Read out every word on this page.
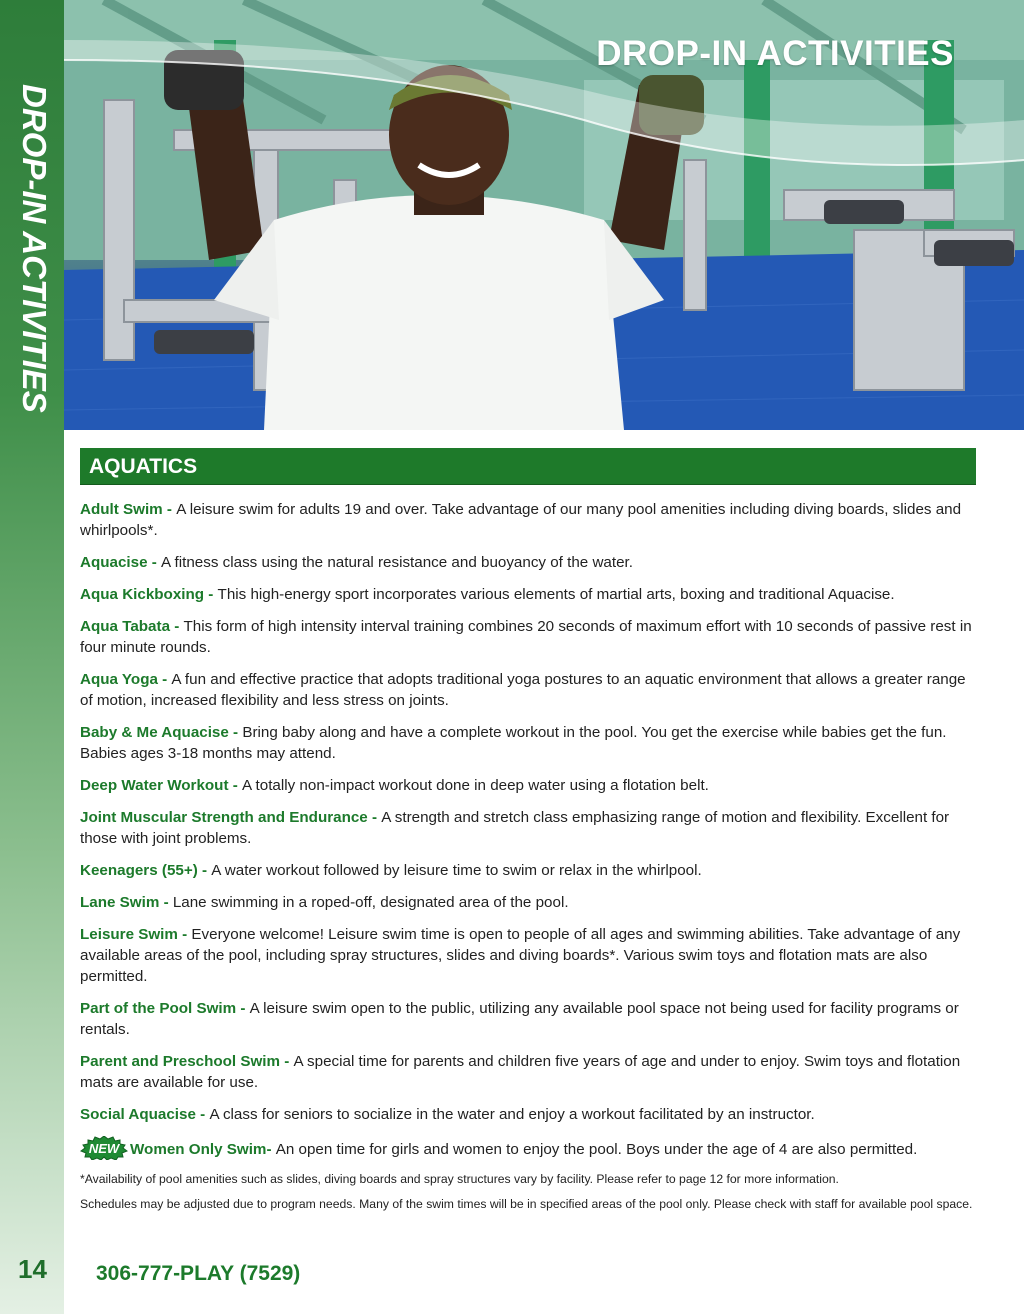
DROP-IN ACTIVITIES
14
DROP-IN ACTIVITIES
AQUATICS

Adult Swim - A leisure swim for adults 19 and over. Take advantage of our many pool amenities including diving boards, slides and whirlpools*.

Aquacise - A fitness class using the natural resistance and buoyancy of the water.

Aqua Kickboxing - This high-energy sport incorporates various elements of martial arts, boxing and traditional Aquacise.

Aqua Tabata - This form of high intensity interval training combines 20 seconds of maximum effort with 10 seconds of passive rest in four minute rounds.

Aqua Yoga - A fun and effective practice that adopts traditional yoga postures to an aquatic environment that allows a greater range of motion, increased flexibility and less stress on joints.

Baby & Me Aquacise - Bring baby along and have a complete workout in the pool. You get the exercise while babies get the fun. Babies ages 3-18 months may attend.

Deep Water Workout - A totally non-impact workout done in deep water using a flotation belt.

Joint Muscular Strength and Endurance - A strength and stretch class emphasizing range of motion and flexibility. Excellent for those with joint problems.

Keenagers (55+) - A water workout followed by leisure time to swim or relax in the whirlpool.

Lane Swim - Lane swimming in a roped-off, designated area of the pool.

Leisure Swim - Everyone welcome! Leisure swim time is open to people of all ages and swimming abilities. Take advantage of any available areas of the pool, including spray structures, slides and diving boards*. Various swim toys and flotation mats are also permitted.

Part of the Pool Swim - A leisure swim open to the public, utilizing any available pool space not being used for facility programs or rentals.

Parent and Preschool Swim - A special time for parents and children five years of age and under to enjoy. Swim toys and flotation mats are available for use.

Social Aquacise - A class for seniors to socialize in the water and enjoy a workout facilitated by an instructor.

NEW Women Only Swim- An open time for girls and women to enjoy the pool. Boys under the age of 4 are also permitted.

*Availability of pool amenities such as slides, diving boards and spray structures vary by facility. Please refer to page 12 for more information.

Schedules may be adjusted due to program needs. Many of the swim times will be in specified areas of the pool only. Please check with staff for available pool space.

306-777-PLAY (7529)
